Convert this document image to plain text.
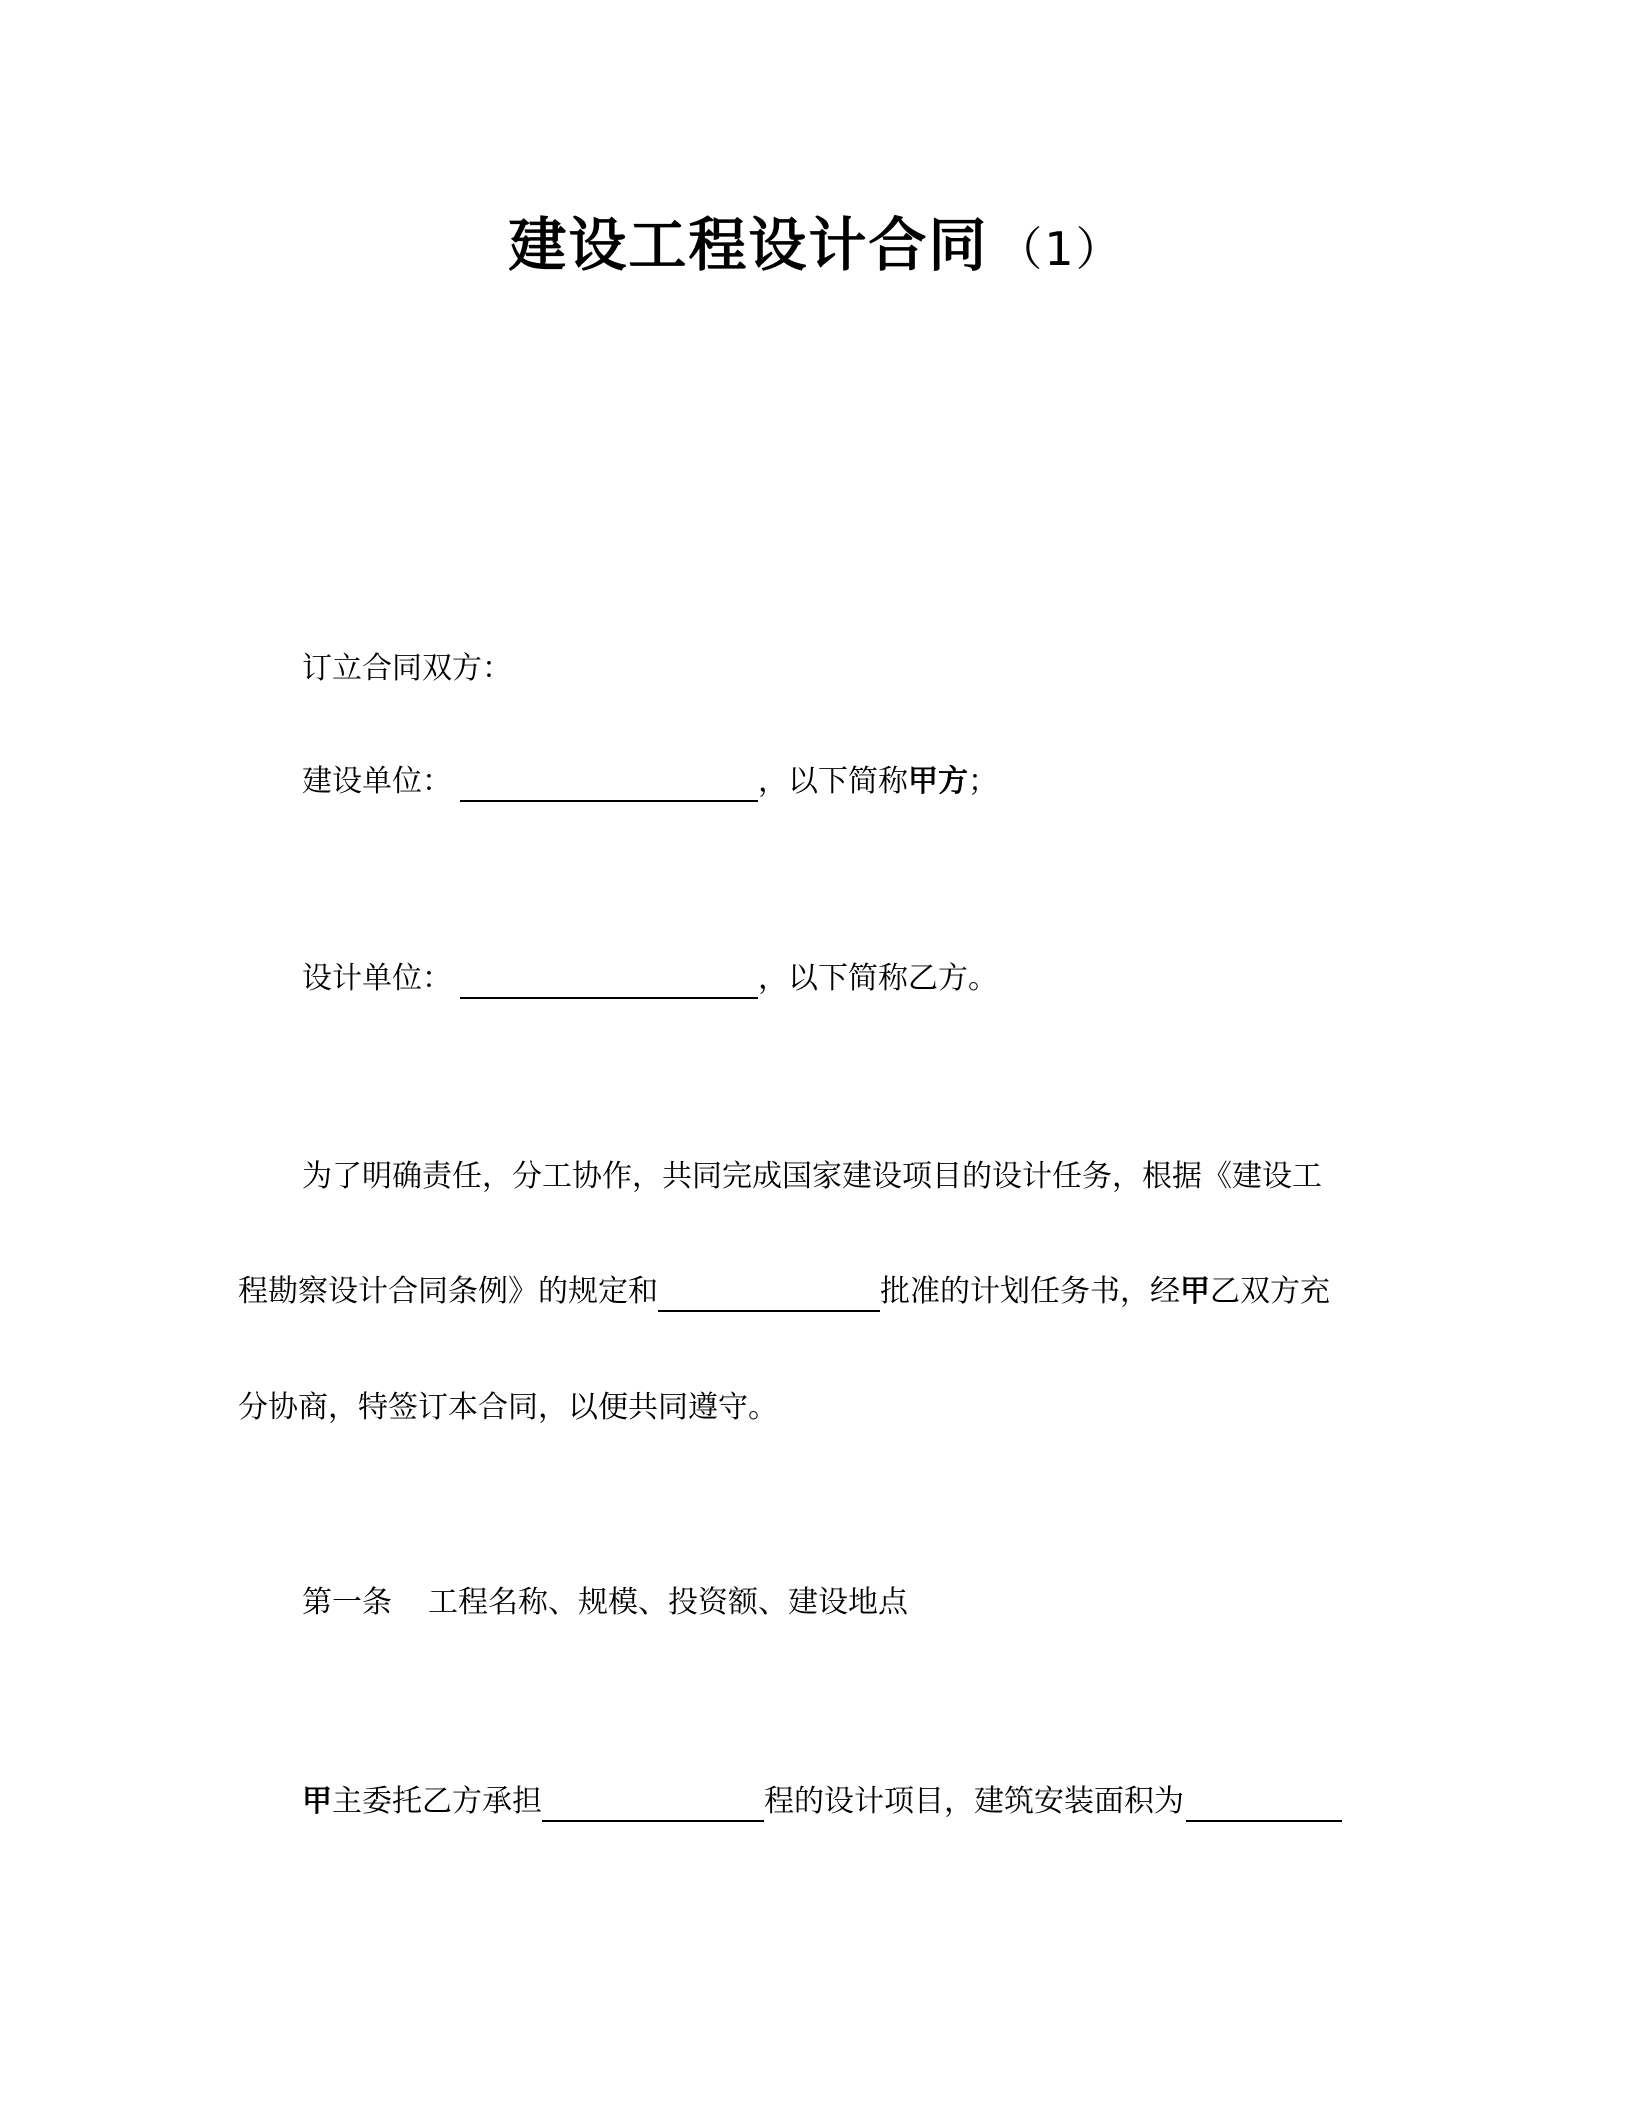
建设工程设计合同 （1）
订立合同双方：
建设单位：	，以下简称甲方；
设计单位：	，以下简称乙方。
为了明确责任，分工协作，共同完成国家建设项目的设计任务，根据《建设工
程勘察设计合同条例》的规定和	批准的计划任务书，经甲乙双方充
分协商，特签订本合同，以便共同遵守。
第一条 工程名称、规模、投资额、建设地点
甲主委托乙方承担	程的设计项目，建筑安装面积为
